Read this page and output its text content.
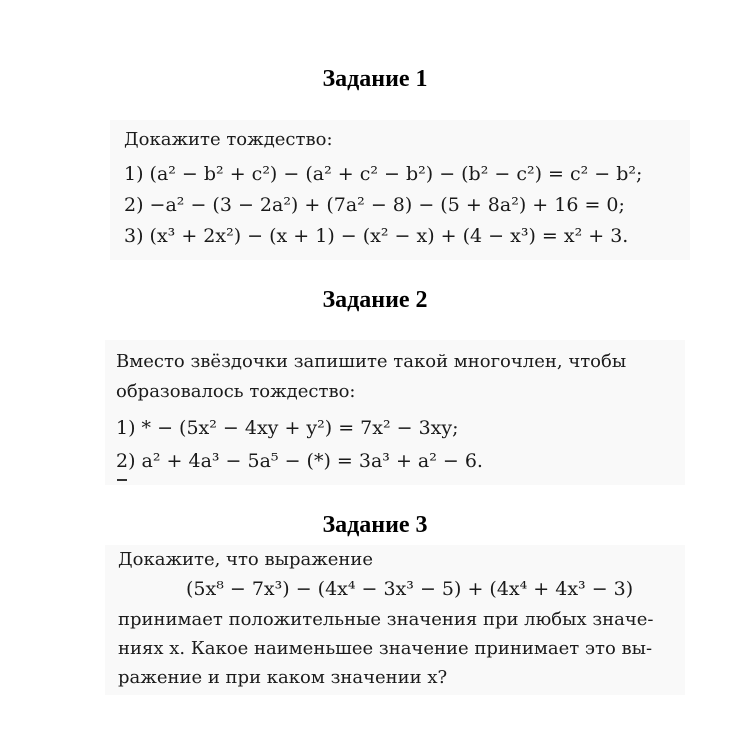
Задание 1
Докажите тождество:
1) (a² − b² + c²) − (a² + c² − b²) − (b² − c²) = c² − b²;
2) −a² − (3 − 2a²) + (7a² − 8) − (5 + 8a²) + 16 = 0;
3) (x³ + 2x²) − (x + 1) − (x² − x) + (4 − x³) = x² + 3.
Задание 2
Вместо звёздочки запишите такой многочлен, чтобы
образовалось тождество:
1) * − (5x² − 4xy + y²) = 7x² − 3xy;
2) a² + 4a³ − 5a⁵ − (*) = 3a³ + a² − 6.
Задание 3
Докажите, что выражение
(5x⁸ − 7x³) − (4x⁴ − 3x³ − 5) + (4x⁴ + 4x³ − 3)
принимает положительные значения при любых значе-
ниях x. Какое наименьшее значение принимает это вы-
ражение и при каком значении x?
